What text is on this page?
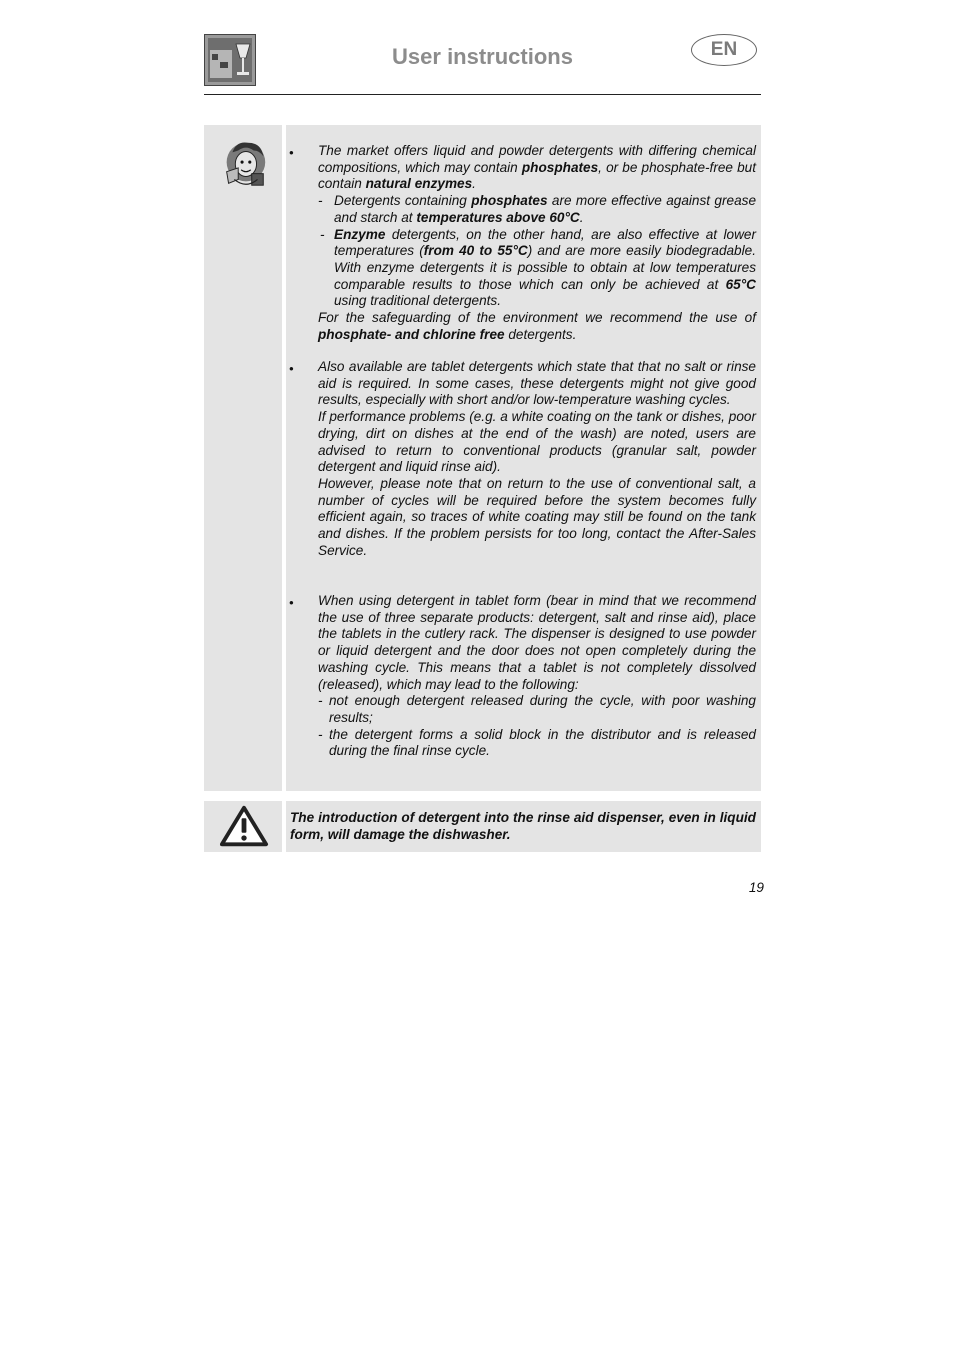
User instructions	EN
• The market offers liquid and powder detergents with differing chemical compositions, which may contain phosphates, or be phosphate-free but contain natural enzymes.

- Detergents containing phosphates are more effective against grease and starch at temperatures above 60°C.

- Enzyme detergents, on the other hand, are also effective at lower temperatures (from 40 to 55°C) and are more easily biodegradable. With enzyme detergents it is possible to obtain at low temperatures comparable results to those which can only be achieved at 65°C using traditional detergents.

For the safeguarding of the environment we recommend the use of phosphate- and chlorine free detergents.

• Also available are tablet detergents which state that that no salt or rinse aid is required. In some cases, these detergents might not give good results, especially with short and/or low-temperature washing cycles.

If performance problems (e.g. a white coating on the tank or dishes, poor drying, dirt on dishes at the end of the wash) are noted, users are advised to return to conventional products (granular salt, powder detergent and liquid rinse aid).

However, please note that on return to the use of conventional salt, a number of cycles will be required before the system becomes fully efficient again, so traces of white coating may still be found on the tank and dishes. If the problem persists for too long, contact the After-Sales Service.

• When using detergent in tablet form (bear in mind that we recommend the use of three separate products: detergent, salt and rinse aid), place the tablets in the cutlery rack. The dispenser is designed to use powder or liquid detergent and the door does not open completely during the washing cycle. This means that a tablet is not completely dissolved (released), which may lead to the following:

- not enough detergent released during the cycle, with poor washing results;

- the detergent forms a solid block in the distributor and is released during the final rinse cycle.

The introduction of detergent into the rinse aid dispenser, even in liquid form, will damage the dishwasher.
19
